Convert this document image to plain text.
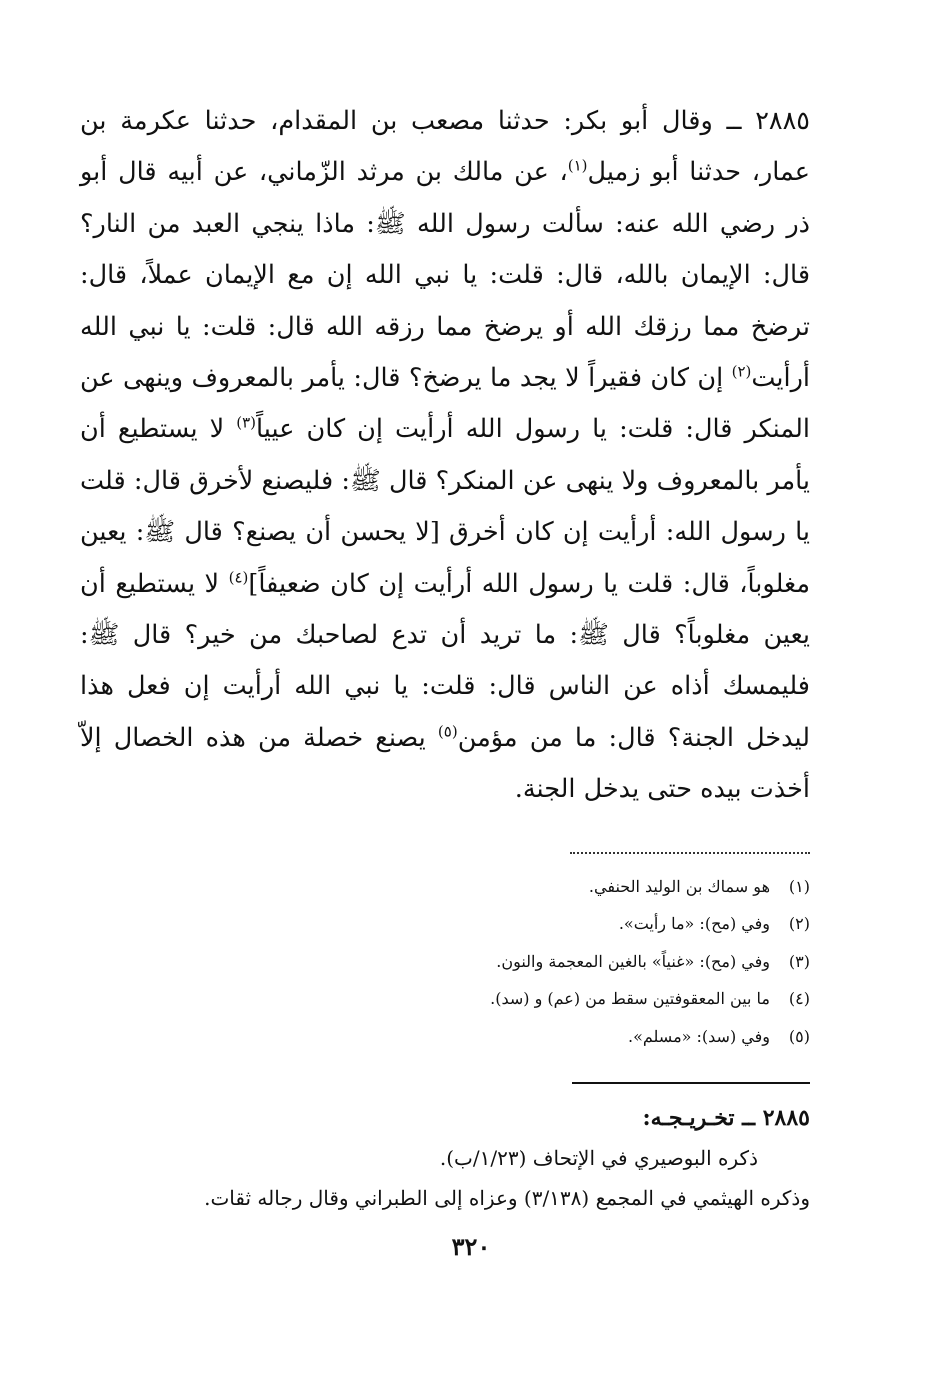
٢٨٨٥ ــ وقال أبو بكر: حدثنا مصعب بن المقدام، حدثنا عكرمة بن عمار، حدثنا أبو زميل$^{(١)}$، عن مالك بن مرثد الزّماني، عن أبيه قال أبو ذر رضي الله عنه: سألت رسول الله ﷺ: ماذا ينجي العبد من النار؟ قال: الإيمان بالله، قال: قلت: يا نبي الله إن مع الإيمان عملاً، قال: ترضخ مما رزقك الله أو يرضخ مما رزقه الله قال: قلت: يا نبي الله أرأيت$^{(٢)}$ إن كان فقيراً لا يجد ما يرضخ؟ قال: يأمر بالمعروف وينهى عن المنكر قال: قلت: يا رسول الله أرأيت إن كان عيياً$^{(٣)}$ لا يستطيع أن يأمر بالمعروف ولا ينهى عن المنكر؟ قال ﷺ: فليصنع لأخرق قال: قلت يا رسول الله: أرأيت إن كان أخرق [لا يحسن أن يصنع؟ قال ﷺ: يعين مغلوباً، قال: قلت يا رسول الله أرأيت إن كان ضعيفاً]$^{(٤)}$ لا يستطيع أن يعين مغلوباً؟ قال ﷺ: ما تريد أن تدع لصاحبك من خير؟ قال ﷺ: فليمسك أذاه عن الناس قال: قلت: يا نبي الله أرأيت إن فعل هذا ليدخل الجنة؟ قال: ما من مؤمن$^{(٥)}$ يصنع خصلة من هذه الخصال إلاّ أخذت بيده حتى يدخل الجنة.

(١)هو سماك بن الوليد الحنفي.
(٢)وفي (مح): «ما رأيت».
(٣)وفي (مح): «غنياً» بالغين المعجمة والنون.
(٤)ما بين المعقوفتين سقط من (عم) و (سد).
(٥)وفي (سد): «مسلم».
٢٨٨٥ ــ تخـريـجـه:
ذكره البوصيري في الإتحاف (١/٢٣/ب).
وذكره الهيثمي في المجمع (٣/١٣٨) وعزاه إلى الطبراني وقال رجاله ثقات.
٣٢٠
